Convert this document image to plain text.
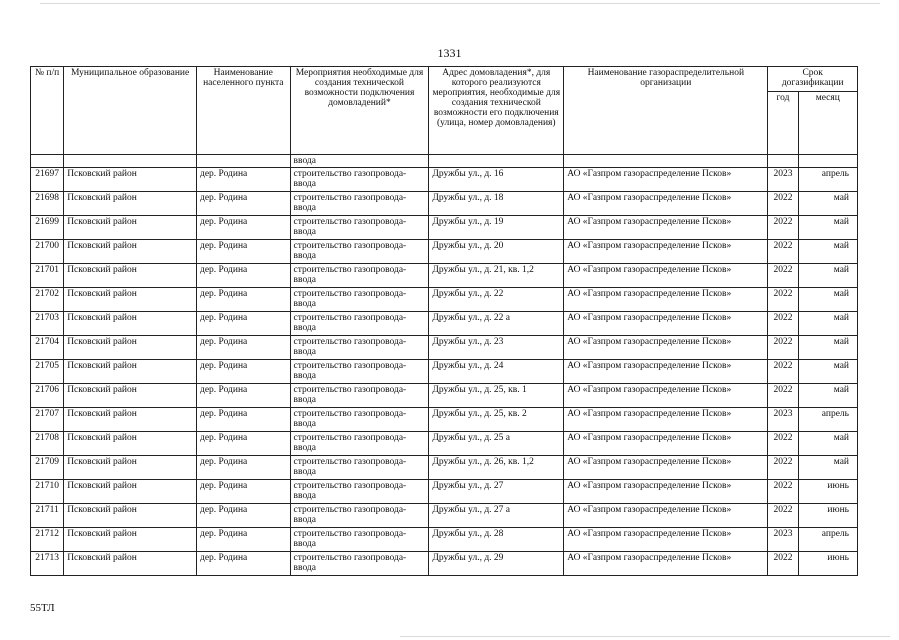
1331
№ п/п	Муниципальное образование	Наименование населенного пункта	Мероприятия необходимые для создания технической возможности подключения домовладений*	Адрес домовладения*, для которого реализуются мероприятия, необходимые для создания технической возможности его подключения (улица, номер домовладения)	Наименование газораспределительной организации	Срок догазификации	
						год	месяц
			ввода				
21697	Псковский район	дер. Родина	строительство газопровода-ввода	Дружбы ул., д. 16	АО «Газпром газораспределение Псков»	2023	апрель
21698	Псковский район	дер. Родина	строительство газопровода-ввода	Дружбы ул., д. 18	АО «Газпром газораспределение Псков»	2022	май
21699	Псковский район	дер. Родина	строительство газопровода-ввода	Дружбы ул., д. 19	АО «Газпром газораспределение Псков»	2022	май
21700	Псковский район	дер. Родина	строительство газопровода-ввода	Дружбы ул., д. 20	АО «Газпром газораспределение Псков»	2022	май
21701	Псковский район	дер. Родина	строительство газопровода-ввода	Дружбы ул., д. 21, кв. 1,2	АО «Газпром газораспределение Псков»	2022	май
21702	Псковский район	дер. Родина	строительство газопровода-ввода	Дружбы ул., д. 22	АО «Газпром газораспределение Псков»	2022	май
21703	Псковский район	дер. Родина	строительство газопровода-ввода	Дружбы ул., д. 22 а	АО «Газпром газораспределение Псков»	2022	май
21704	Псковский район	дер. Родина	строительство газопровода-ввода	Дружбы ул., д. 23	АО «Газпром газораспределение Псков»	2022	май
21705	Псковский район	дер. Родина	строительство газопровода-ввода	Дружбы ул., д. 24	АО «Газпром газораспределение Псков»	2022	май
21706	Псковский район	дер. Родина	строительство газопровода-ввода	Дружбы ул., д. 25, кв. 1	АО «Газпром газораспределение Псков»	2022	май
21707	Псковский район	дер. Родина	строительство газопровода-ввода	Дружбы ул., д. 25, кв. 2	АО «Газпром газораспределение Псков»	2023	апрель
21708	Псковский район	дер. Родина	строительство газопровода-ввода	Дружбы ул., д. 25 а	АО «Газпром газораспределение Псков»	2022	май
21709	Псковский район	дер. Родина	строительство газопровода-ввода	Дружбы ул., д. 26, кв. 1,2	АО «Газпром газораспределение Псков»	2022	май
21710	Псковский район	дер. Родина	строительство газопровода-ввода	Дружбы ул., д. 27	АО «Газпром газораспределение Псков»	2022	июнь
21711	Псковский район	дер. Родина	строительство газопровода-ввода	Дружбы ул., д. 27 а	АО «Газпром газораспределение Псков»	2022	июнь
21712	Псковский район	дер. Родина	строительство газопровода-ввода	Дружбы ул., д. 28	АО «Газпром газораспределение Псков»	2023	апрель
21713	Псковский район	дер. Родина	строительство газопровода-ввода	Дружбы ул., д. 29	АО «Газпром газораспределение Псков»	2022	июнь
55ТЛ
